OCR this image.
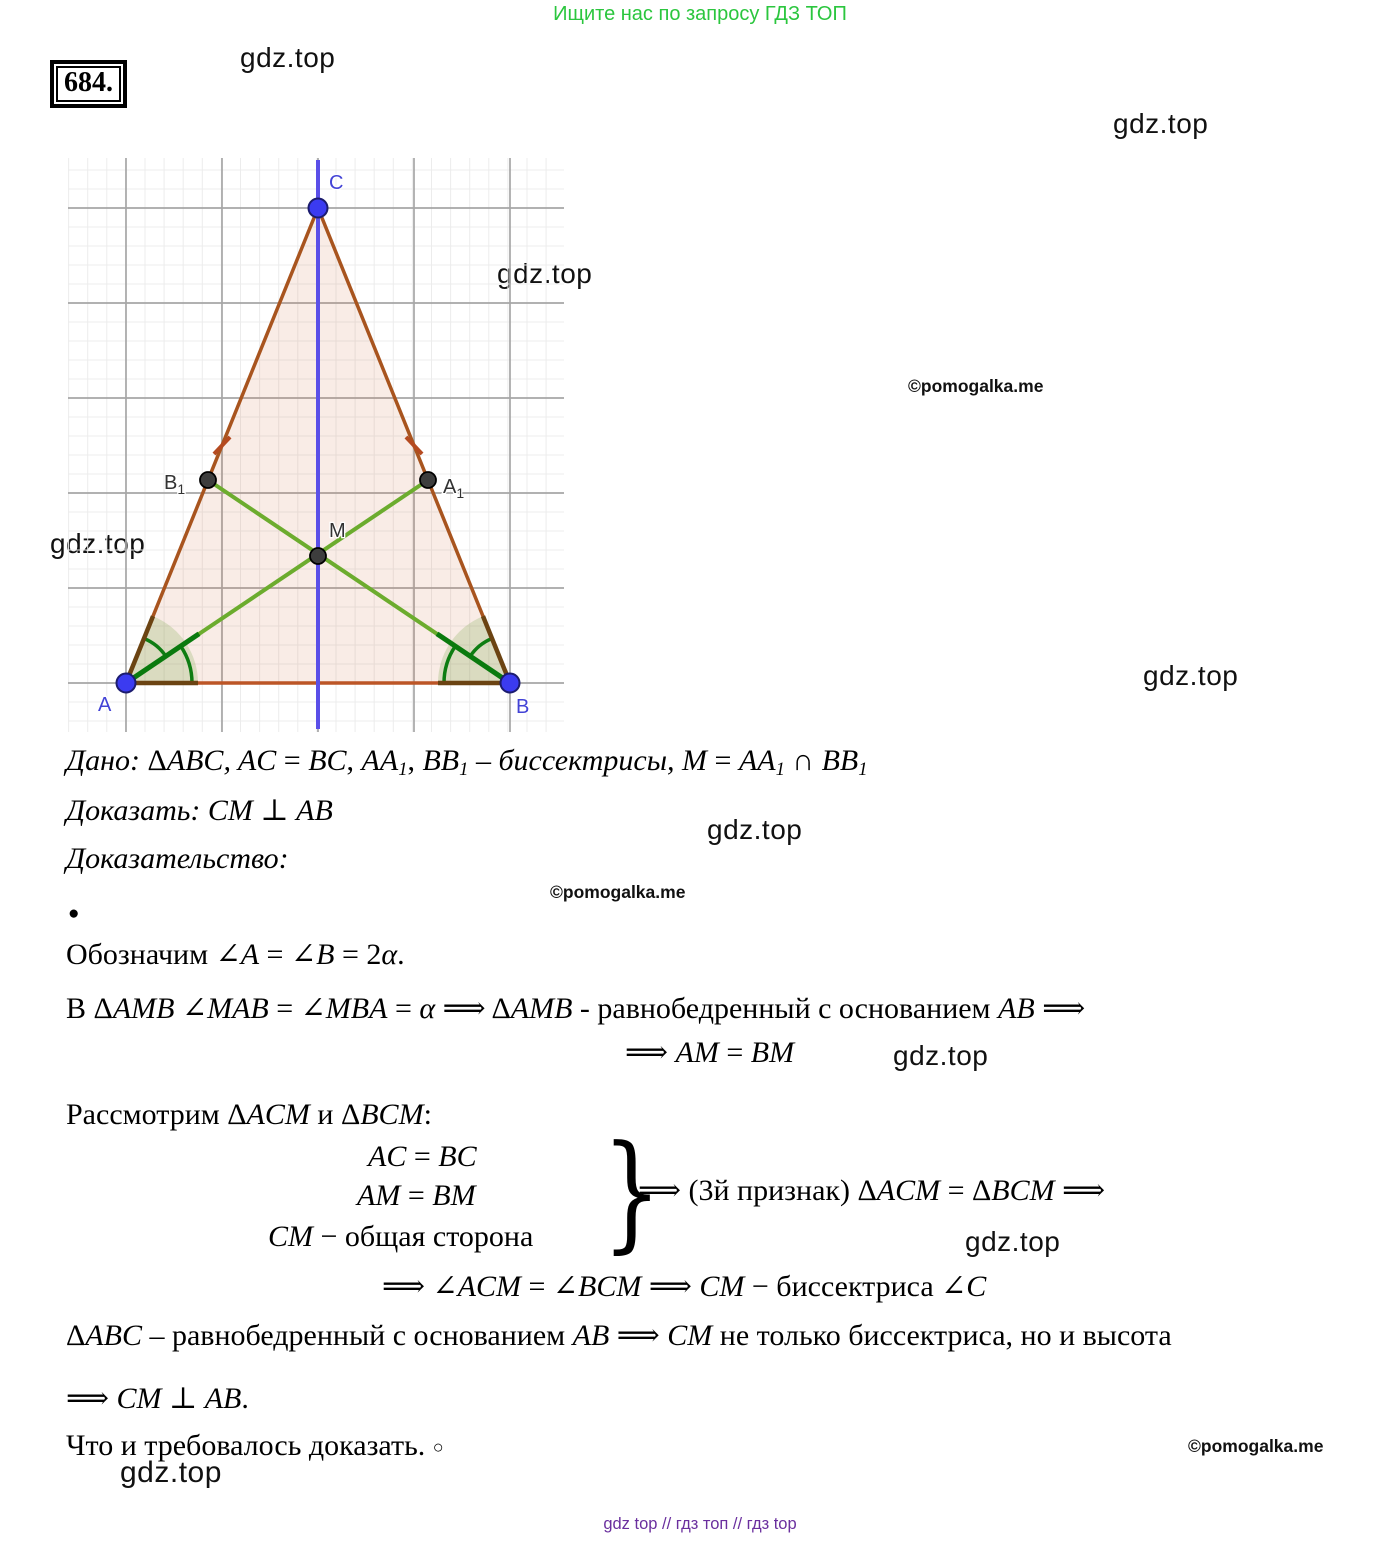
Ищите нас по запросу ГДЗ ТОП
684.
gdz.top
gdz.top
gdz.top
gdz.top
gdz.top
gdz.top
gdz.top
gdz.top
gdz.top
©pomogalka.me
©pomogalka.me
©pomogalka.me
A	B
C
M
$B_1$	$A_1$
Дано: ΔABC, AC = BC, $AA_1$, $BB_1$ – биссектрисы, $M = AA_1$ ∩ $BB_1$
Доказать: CM ⊥ AB
Доказательство:
●
Обозначим ∠A = ∠B = 2α.
В ΔAMB ∠MAB = ∠MBA = α ⟹ ΔAMB - равнобедренный с основанием AB ⟹
⟹ AM = BM
Рассмотрим ΔACM и ΔBCM:
AC = BC
AM = BM
CM − общая сторона }
⟹ (3й признак) ΔACM = ΔBCM ⟹
⟹ ∠ACM = ∠BCM ⟹ CM − биссектриса ∠C
ΔABC – равнобедренный с основанием AB ⟹ CM не только биссектриса, но и высота
⟹ CM ⊥ AB.
Что и требовалось доказать. ○
gdz top // гдз топ // гдз top
